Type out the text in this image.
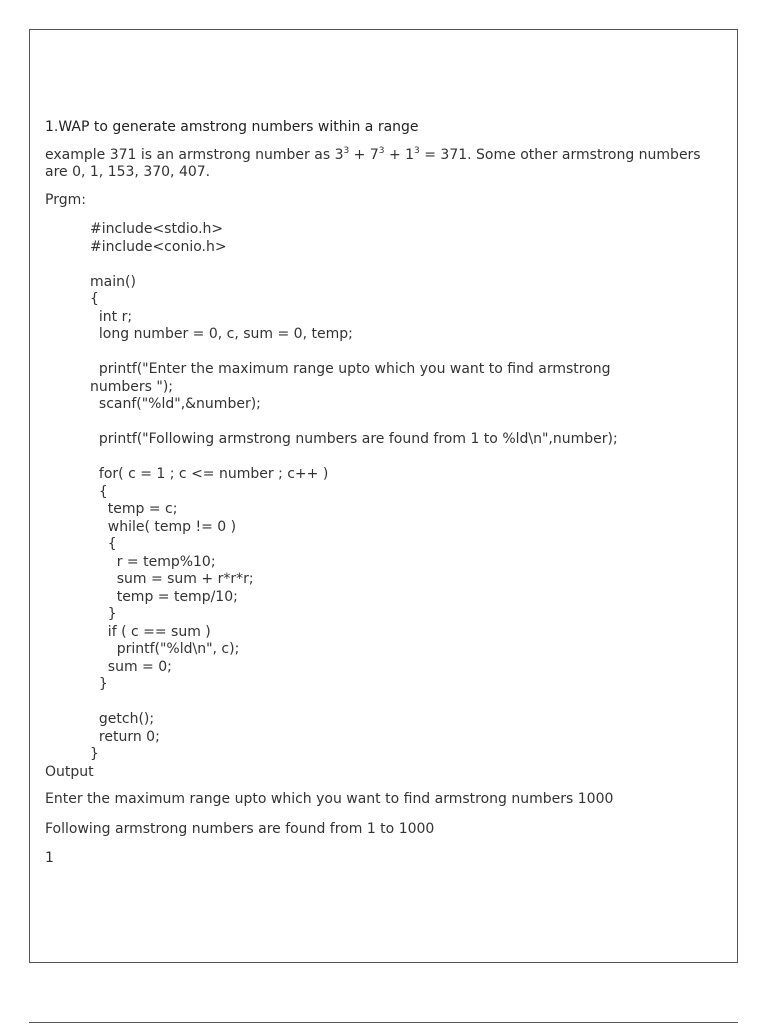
1.WAP to generate amstrong numbers within a range

example 371 is an armstrong number as $3^3 + 7^3 + 1^3 = 371$. Some other armstrong numbers are 0, 1, 153, 370, 407.

Prgm:

#include<stdio.h>
#include<conio.h>
main()
{
int r;
long number = 0, c, sum = 0, temp;
printf("Enter the maximum range upto which you want to find armstrong
numbers ");
scanf("%ld",&number);
printf("Following armstrong numbers are found from 1 to %ld\n",number);
for( c = 1 ; c <= number ; c++ )
{
temp = c;
while( temp != 0 )
{
r = temp%10;
sum = sum + r*r*r;
temp = temp/10;
}
if ( c == sum )
printf("%ld\n", c);
sum = 0;
}
getch();
return 0;
}

Output

Enter the maximum range upto which you want to find armstrong numbers 1000

Following armstrong numbers are found from 1 to 1000

1
